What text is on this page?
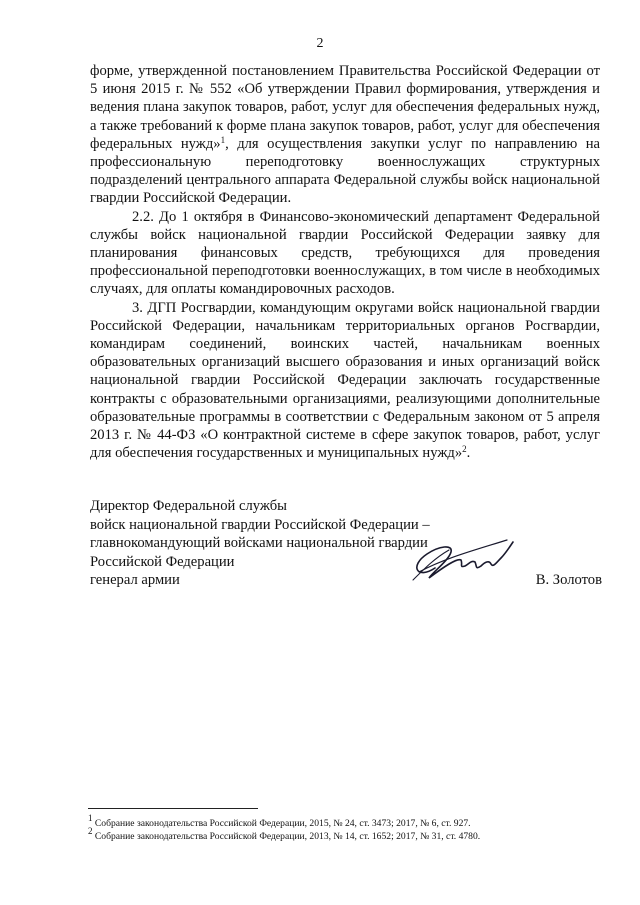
2

форме, утвержденной постановлением Правительства Российской Федерации от 5 июня 2015 г. № 552 «Об утверждении Правил формирования, утверждения и ведения плана закупок товаров, работ, услуг для обеспечения федеральных нужд, а также требований к форме плана закупок товаров, работ, услуг для обеспечения федеральных нужд»$^1$, для осуществления закупки услуг по направлению на профессиональную переподготовку военнослужащих структурных подразделений центрального аппарата Федеральной службы войск национальной гвардии Российской Федерации.

2.2. До 1 октября в Финансово-экономический департамент Федеральной службы войск национальной гвардии Российской Федерации заявку для планирования финансовых средств, требующихся для проведения профессиональной переподготовки военнослужащих, в том числе в необходимых случаях, для оплаты командировочных расходов.

3. ДГП Росгвардии, командующим округами войск национальной гвардии Российской Федерации, начальникам территориальных органов Росгвардии, командирам соединений, воинских частей, начальникам военных образовательных организаций высшего образования и иных организаций войск национальной гвардии Российской Федерации заключать государственные контракты с образовательными организациями, реализующими дополнительные образовательные программы в соответствии с Федеральным законом от 5 апреля 2013 г. № 44-ФЗ «О контрактной системе в сфере закупок товаров, работ, услуг для обеспечения государственных и муниципальных нужд»$^2$.

Директор Федеральной службы
войск национальной гвардии Российской Федерации –
главнокомандующий войсками национальной гвардии
Российской Федерации
генерал армии	В. Золотов
$^1$ Собрание законодательства Российской Федерации, 2015, № 24, ст. 3473; 2017, № 6, ст. 927.
$^2$ Собрание законодательства Российской Федерации, 2013, № 14, ст. 1652; 2017, № 31, ст. 4780.
